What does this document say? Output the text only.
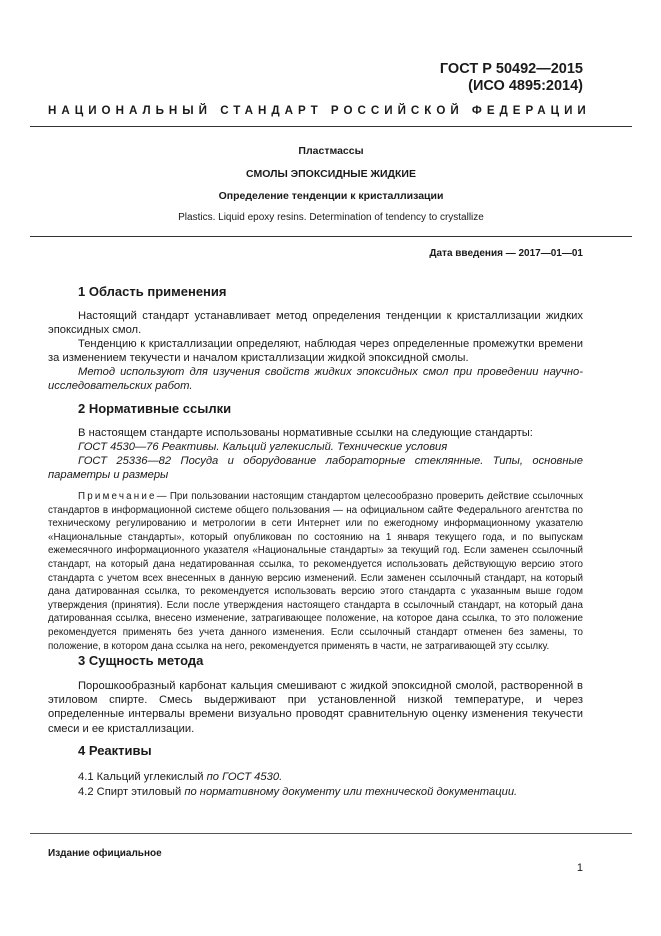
ГОСТ Р 50492—2015
(ИСО 4895:2014)
НАЦИОНАЛЬНЫЙ СТАНДАРТ РОССИЙСКОЙ ФЕДЕРАЦИИ
Пластмассы
СМОЛЫ ЭПОКСИДНЫЕ ЖИДКИЕ
Определение тенденции к кристаллизации
Plastics. Liquid epoxy resins. Determination of tendency to crystallize
Дата введения — 2017—01—01
1 Область применения
Настоящий стандарт устанавливает метод определения тенденции к кристаллизации жидких эпоксидных смол.
Тенденцию к кристаллизации определяют, наблюдая через определенные промежутки времени за изменением текучести и началом кристаллизации жидкой эпоксидной смолы.
Метод используют для изучения свойств жидких эпоксидных смол при проведении научно-исследовательских работ.
2 Нормативные ссылки
В настоящем стандарте использованы нормативные ссылки на следующие стандарты:
ГОСТ 4530—76 Реактивы. Кальций углекислый. Технические условия
ГОСТ 25336—82 Посуда и оборудование лабораторные стеклянные. Типы, основные параметры и размеры
Примечание— При пользовании настоящим стандартом целесообразно проверить действие ссылочных стандартов в информационной системе общего пользования — на официальном сайте Федерального агентства по техническому регулированию и метрологии в сети Интернет или по ежегодному информационному указателю «Национальные стандарты», который опубликован по состоянию на 1 января текущего года, и по выпускам ежемесячного информационного указателя «Национальные стандарты» за текущий год. Если заменен ссылочный стандарт, на который дана недатированная ссылка, то рекомендуется использовать действующую версию этого стандарта с учетом всех внесенных в данную версию изменений. Если заменен ссылочный стандарт, на который дана датированная ссылка, то рекомендуется использовать версию этого стандарта с указанным выше годом утверждения (принятия). Если после утверждения настоящего стандарта в ссылочный стандарт, на который дана датированная ссылка, внесено изменение, затрагивающее положение, на которое дана ссылка, то это положение рекомендуется применять без учета данного изменения. Если ссылочный стандарт отменен без замены, то положение, в котором дана ссылка на него, рекомендуется применять в части, не затрагивающей эту ссылку.
3 Сущность метода
Порошкообразный карбонат кальция смешивают с жидкой эпоксидной смолой, растворенной в этиловом спирте. Смесь выдерживают при установленной низкой температуре, и через определенные интервалы времени визуально проводят сравнительную оценку изменения текучести смеси и ее кристаллизации.
4 Реактивы
4.1 Кальций углекислый по ГОСТ 4530.
4.2 Спирт этиловый по нормативному документу или технической документации.
Издание официальное
1
